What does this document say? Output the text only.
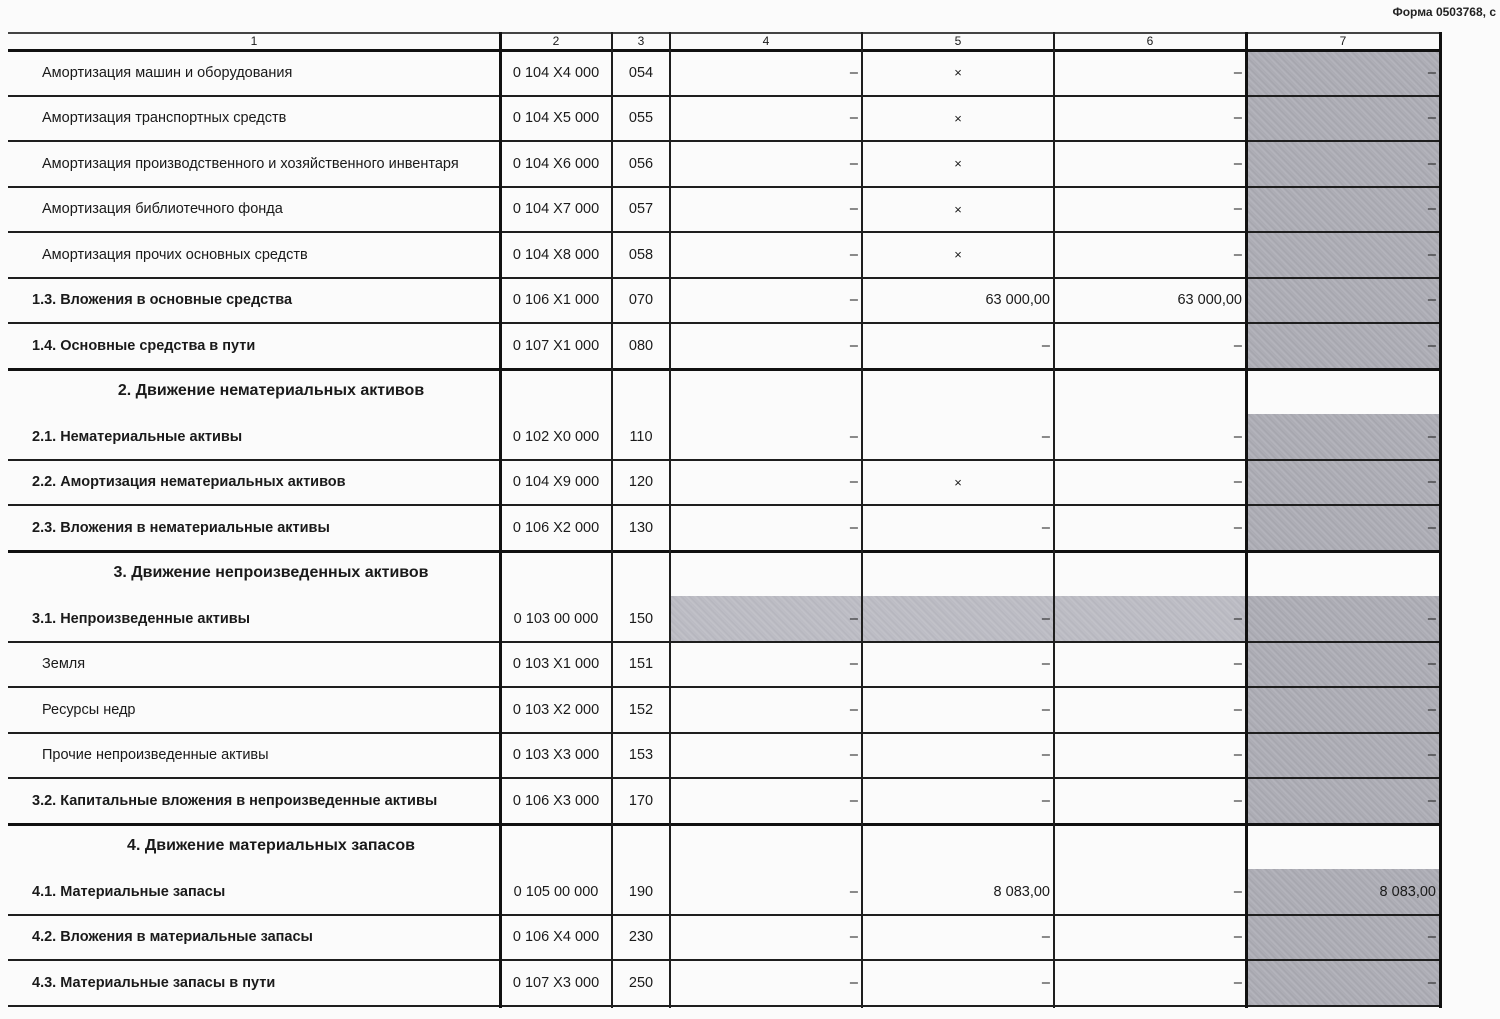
Форма 0503768, с
1	2	3	4	5	6	7
Амортизация машин и оборудования	0 104 X4 000	054	–	×	–	–
Амортизация транспортных средств	0 104 X5 000	055	–	×	–	–
Амортизация производственного и хозяйственного инвентаря	0 104 X6 000	056	–	×	–	–
Амортизация библиотечного фонда	0 104 X7 000	057	–	×	–	–
Амортизация прочих основных средств	0 104 X8 000	058	–	×	–	–
1.3. Вложения в основные средства	0 106 X1 000	070	–	63 000,00	63 000,00	–
1.4. Основные средства в пути	0 107 X1 000	080	–	–	–	–
2. Движение нематериальных активов
2.1. Нематериальные активы	0 102 X0 000	110	–	–	–	–
2.2. Амортизация нематериальных активов	0 104 X9 000	120	–	×	–	–
2.3. Вложения в нематериальные активы	0 106 X2 000	130	–	–	–	–
3. Движение непроизведенных активов
3.1. Непроизведенные активы	0 103 00 000	150	–	–	–	–
Земля	0 103 X1 000	151	–	–	–	–
Ресурсы недр	0 103 X2 000	152	–	–	–	–
Прочие непроизведенные активы	0 103 X3 000	153	–	–	–	–
3.2. Капитальные вложения в непроизведенные активы	0 106 X3 000	170	–	–	–	–
4. Движение материальных запасов
4.1. Материальные запасы	0 105 00 000	190	–	8 083,00	–	8 083,00
4.2. Вложения в материальные запасы	0 106 X4 000	230	–	–	–	–
4.3. Материальные запасы в пути	0 107 X3 000	250	–	–	–	–
